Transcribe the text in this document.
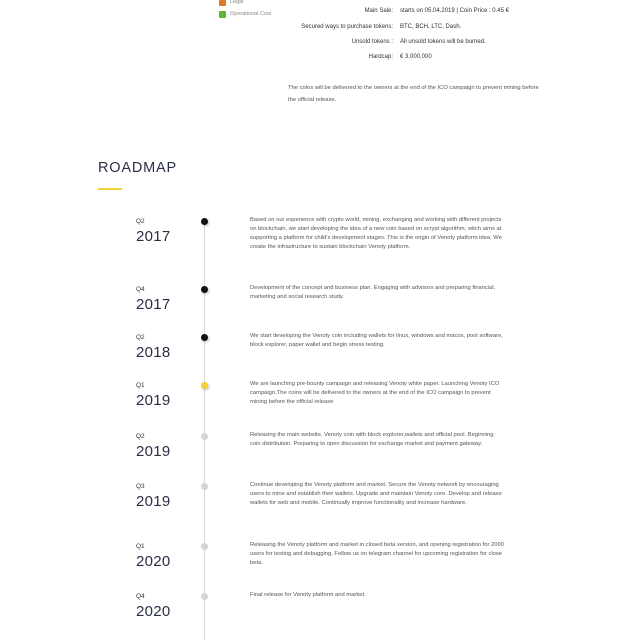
Legal
Operational Cost	Main Sale: starts on 05.04.2019 | Coin Price : 0.45 €
Secured ways to purchase tokens: BTC, BCH, LTC, Dash.
Unsold tokens : All unsold tokens will be burned.
Hardcap: € 3,000,000
The coins will be delivered to the owners at the end of the ICO campaign to prevent mining before the official release.
ROADMAP
Q2
2017
Based on our experience with crypto world, mining, exchanging and working with different projects on blockchain, we start developing the idea of a new coin based on scrypt algorithm, witch aims at supporting a platform for child's development stages. This is the origin of Venoty platform idea. We create the infrastructure to sustain blockchain Venoty platform.
Q4
2017
Development of the concept and business plan. Engaging with advisors and preparing financial, marketing and social research study.
Q2
2018
We start developing the Venoty coin including wallets for linux, windows and macos, pool software, block explorer, paper wallet and begin stress testing.
Q1
2019
We are launching pre-bounty campaign and releasing Venoty white paper. Launching Venoty ICO campaign.The coins will be delivered to the owners at the end of the ICO campaign to prevent mining before the official release
Q2
2019
Releasing the main website, Venoty coin with block explorer,wallets and official pool. Beginning coin distribution. Preparing to open discussion for exchange market and payment gateway.
Q3
2019
Continue developing the Venoty platform and market. Secure the Venoty network by encouraging users to mine and establish their wallets. Upgrade and maintain Venoty core. Develop and release wallets for web and mobile. Continually improve functionality and increase hardware.
Q1
2020
Releasing the Venoty platform and market in closed beta version, and opening registration for 2000 users for testing and debugging. Follow us on telegram channel for upcoming registration for close beta.
Q4
2020
Final release for Venoty platform and market.
